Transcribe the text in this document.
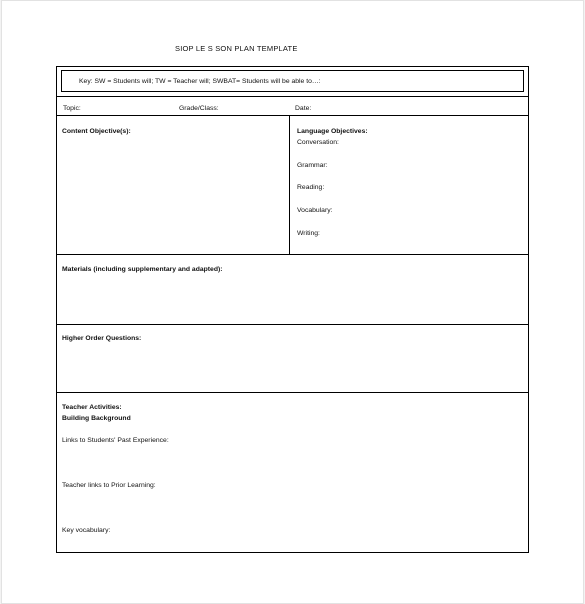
SIOP LE S SON PLAN TEMPLATE
Key: SW = Students will; TW = Teacher will; SWBAT= Students will be able to…:
Topic:	Grade/Class:	Date:
Content Objective(s):	Language Objectives:
Conversation:
Grammar:
Reading:
Vocabulary:
Writing:
Materials (including supplementary and adapted):
Higher Order Questions:
Teacher Activities:
Building Background
Links to Students' Past Experience:
Teacher links to Prior Learning:
Key vocabulary:
